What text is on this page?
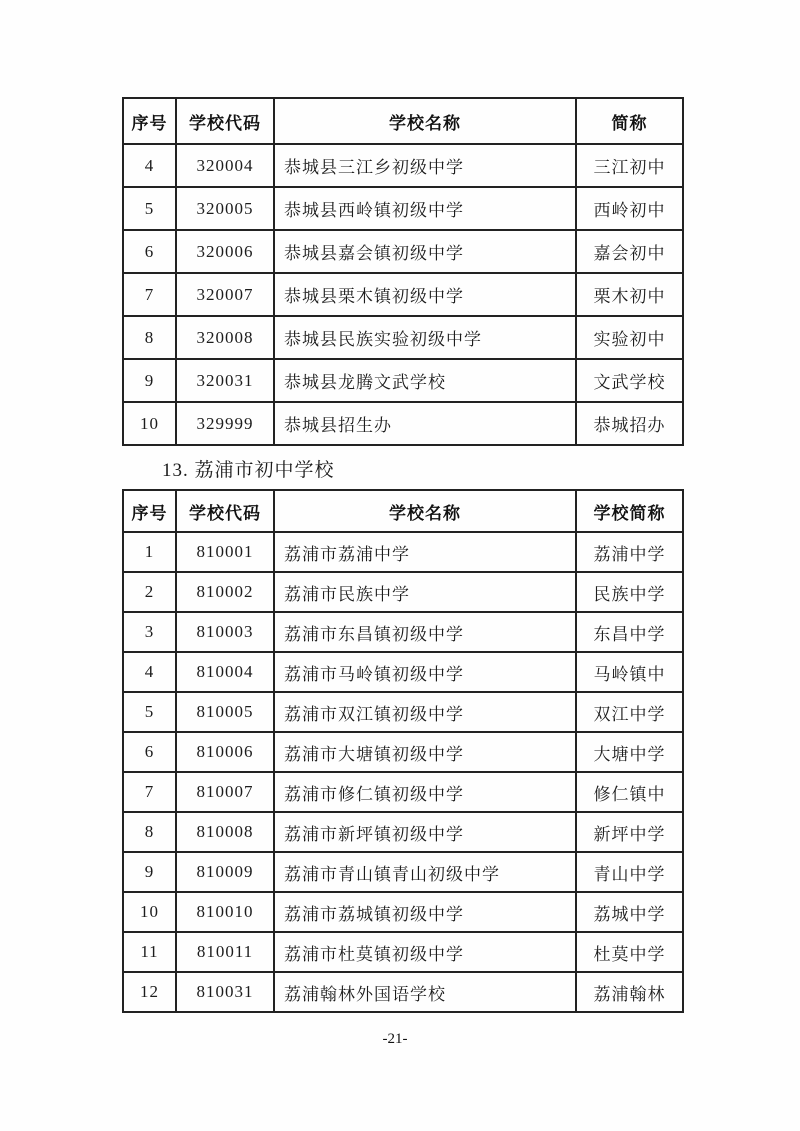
序号	学校代码	学校名称	简称
4	320004	恭城县三江乡初级中学	三江初中
5	320005	恭城县西岭镇初级中学	西岭初中
6	320006	恭城县嘉会镇初级中学	嘉会初中
7	320007	恭城县栗木镇初级中学	栗木初中
8	320008	恭城县民族实验初级中学	实验初中
9	320031	恭城县龙腾文武学校	文武学校
10	329999	恭城县招生办	恭城招办
13. 荔浦市初中学校
序号	学校代码	学校名称	学校简称
1	810001	荔浦市荔浦中学	荔浦中学
2	810002	荔浦市民族中学	民族中学
3	810003	荔浦市东昌镇初级中学	东昌中学
4	810004	荔浦市马岭镇初级中学	马岭镇中
5	810005	荔浦市双江镇初级中学	双江中学
6	810006	荔浦市大塘镇初级中学	大塘中学
7	810007	荔浦市修仁镇初级中学	修仁镇中
8	810008	荔浦市新坪镇初级中学	新坪中学
9	810009	荔浦市青山镇青山初级中学	青山中学
10	810010	荔浦市荔城镇初级中学	荔城中学
11	810011	荔浦市杜莫镇初级中学	杜莫中学
12	810031	荔浦翰林外国语学校	荔浦翰林
-21-
